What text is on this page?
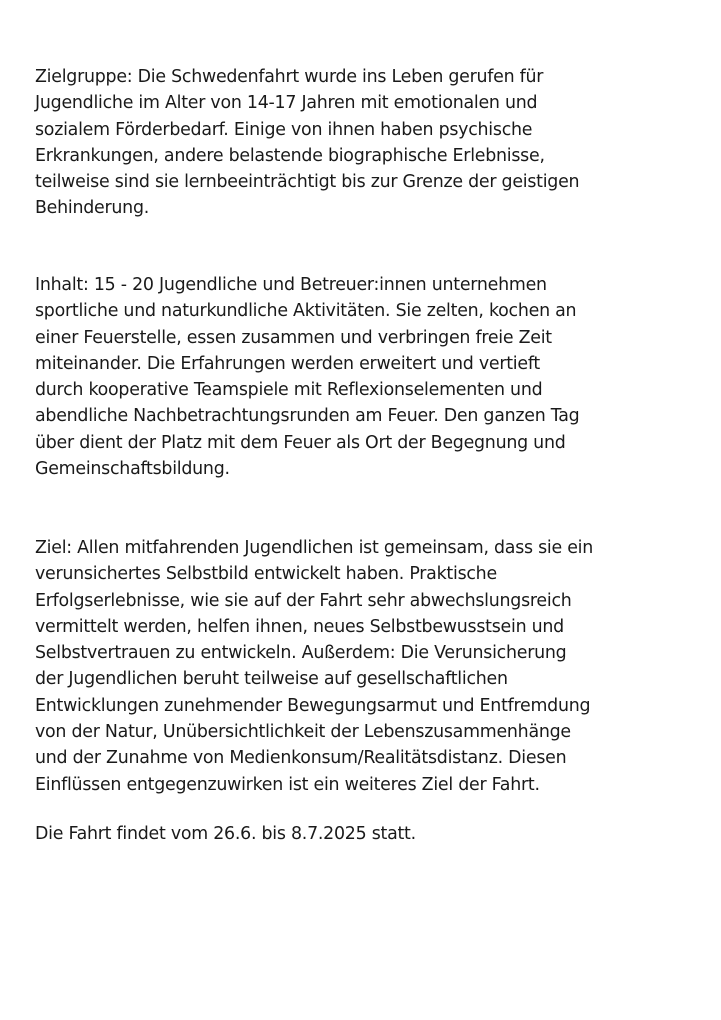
Zielgruppe: Die Schwedenfahrt wurde ins Leben gerufen für
Jugendliche im Alter von 14-17 Jahren mit emotionalen und
sozialem Förderbedarf. Einige von ihnen haben psychische
Erkrankungen, andere belastende biographische Erlebnisse,
teilweise sind sie lernbeeinträchtigt bis zur Grenze der geistigen
Behinderung.

Inhalt: 15 - 20 Jugendliche und Betreuer:innen unternehmen
sportliche und naturkundliche Aktivitäten. Sie zelten, kochen an
einer Feuerstelle, essen zusammen und verbringen freie Zeit
miteinander. Die Erfahrungen werden erweitert und vertieft
durch kooperative Teamspiele mit Reflexionselementen und
abendliche Nachbetrachtungsrunden am Feuer. Den ganzen Tag
über dient der Platz mit dem Feuer als Ort der Begegnung und
Gemeinschaftsbildung.

Ziel: Allen mitfahrenden Jugendlichen ist gemeinsam, dass sie ein
verunsichertes Selbstbild entwickelt haben. Praktische
Erfolgserlebnisse, wie sie auf der Fahrt sehr abwechslungsreich
vermittelt werden, helfen ihnen, neues Selbstbewusstsein und
Selbstvertrauen zu entwickeln. Außerdem: Die Verunsicherung
der Jugendlichen beruht teilweise auf gesellschaftlichen
Entwicklungen zunehmender Bewegungsarmut und Entfremdung
von der Natur, Unübersichtlichkeit der Lebenszusammenhänge
und der Zunahme von Medienkonsum/Realitätsdistanz. Diesen
Einflüssen entgegenzuwirken ist ein weiteres Ziel der Fahrt.

Die Fahrt findet vom 26.6. bis 8.7.2025 statt.
